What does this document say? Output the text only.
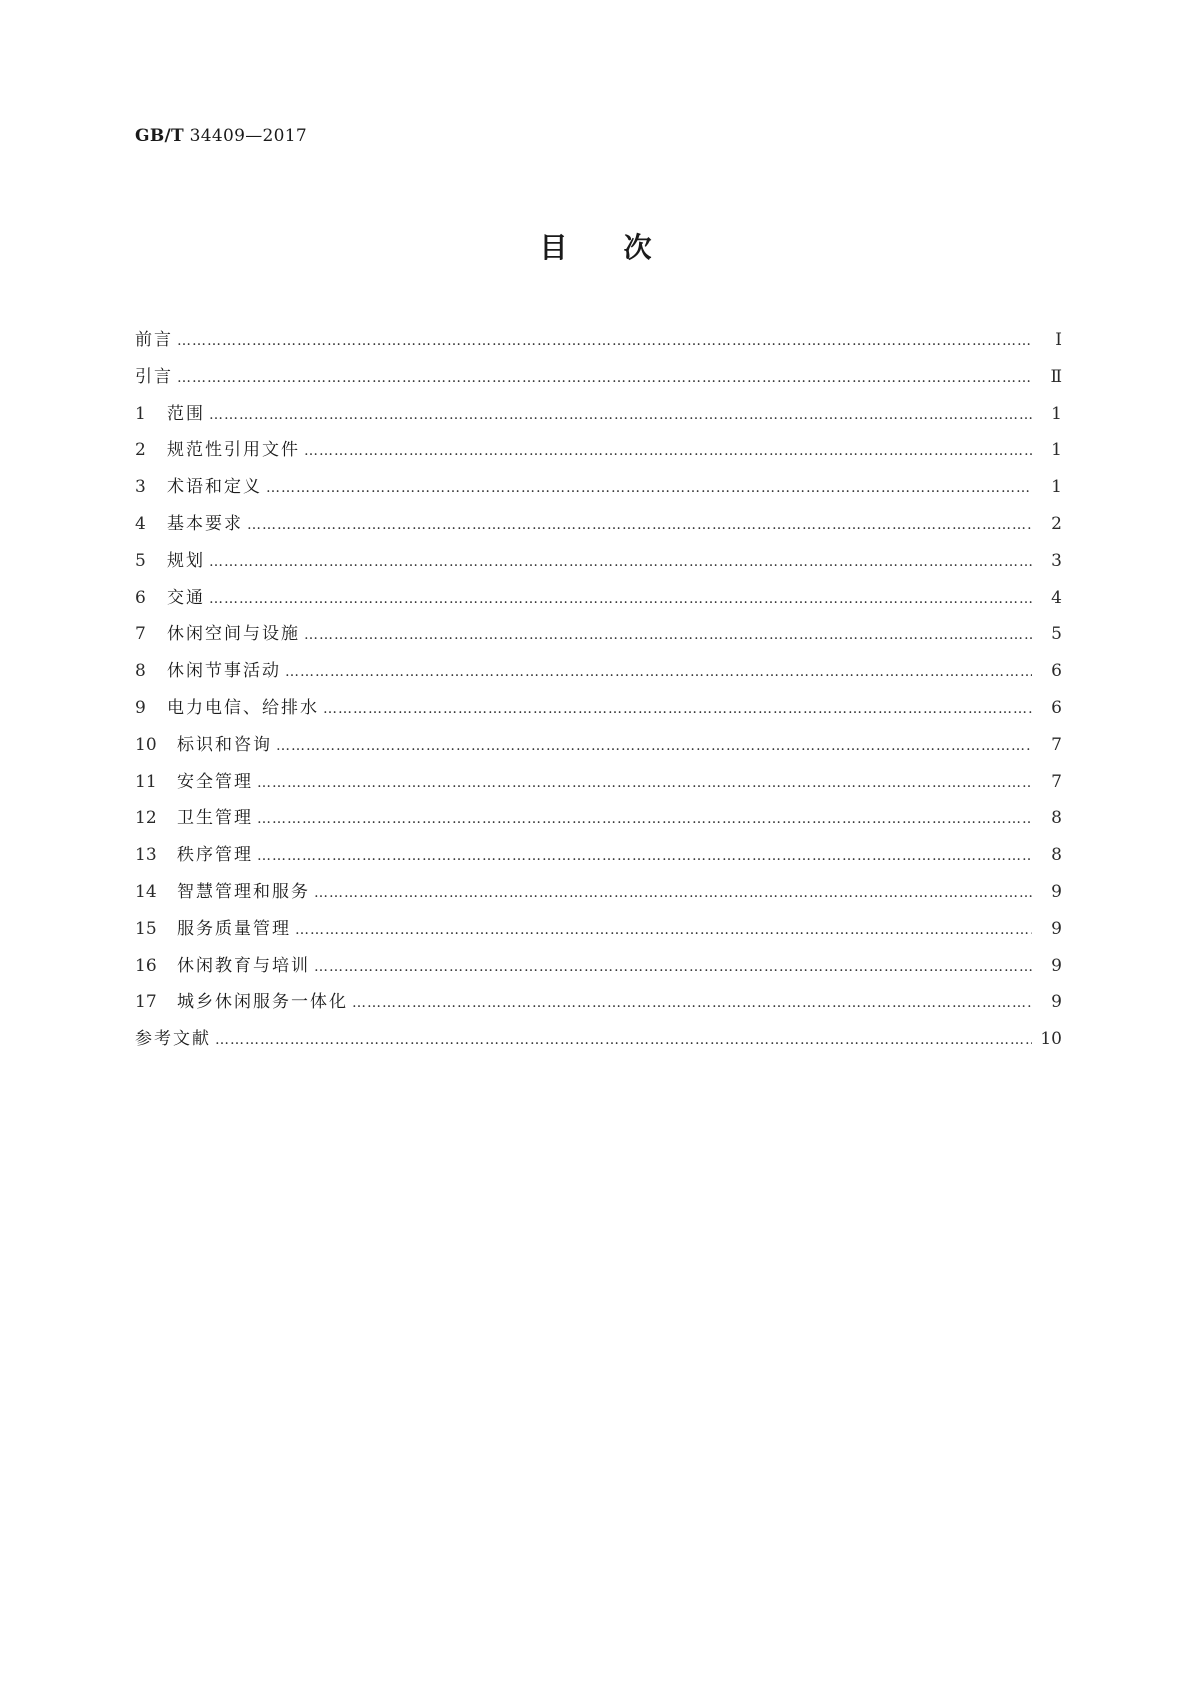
GB/T 34409—2017
目次
前言 ………………………………………………………………………………………………………………………………………………………………………………………………………………	Ⅰ
引言 ………………………………………………………………………………………………………………………………………………………………………………………………………………	Ⅱ
1	范围 ………………………………………………………………………………………………………………………………………………………………………………………………………………	1
2	规范性引用文件 ………………………………………………………………………………………………………………………………………………………………………………………………………………	1
3	术语和定义 ………………………………………………………………………………………………………………………………………………………………………………………………………………	1
4	基本要求 ………………………………………………………………………………………………………………………………………………………………………………………………………………	2
5	规划 ………………………………………………………………………………………………………………………………………………………………………………………………………………	3
6	交通 ………………………………………………………………………………………………………………………………………………………………………………………………………………	4
7	休闲空间与设施 ………………………………………………………………………………………………………………………………………………………………………………………………………………	5
8	休闲节事活动 ………………………………………………………………………………………………………………………………………………………………………………………………………………	6
9	电力电信、给排水 ………………………………………………………………………………………………………………………………………………………………………………………………………………	6
10	标识和咨询 ………………………………………………………………………………………………………………………………………………………………………………………………………………	7
11	安全管理 ………………………………………………………………………………………………………………………………………………………………………………………………………………	7
12	卫生管理 ………………………………………………………………………………………………………………………………………………………………………………………………………………	8
13	秩序管理 ………………………………………………………………………………………………………………………………………………………………………………………………………………	8
14	智慧管理和服务 ………………………………………………………………………………………………………………………………………………………………………………………………………………	9
15	服务质量管理 ………………………………………………………………………………………………………………………………………………………………………………………………………………	9
16	休闲教育与培训 ………………………………………………………………………………………………………………………………………………………………………………………………………………	9
17	城乡休闲服务一体化 ………………………………………………………………………………………………………………………………………………………………………………………………………………	9
参考文献 ………………………………………………………………………………………………………………………………………………………………………………………………………………	10
